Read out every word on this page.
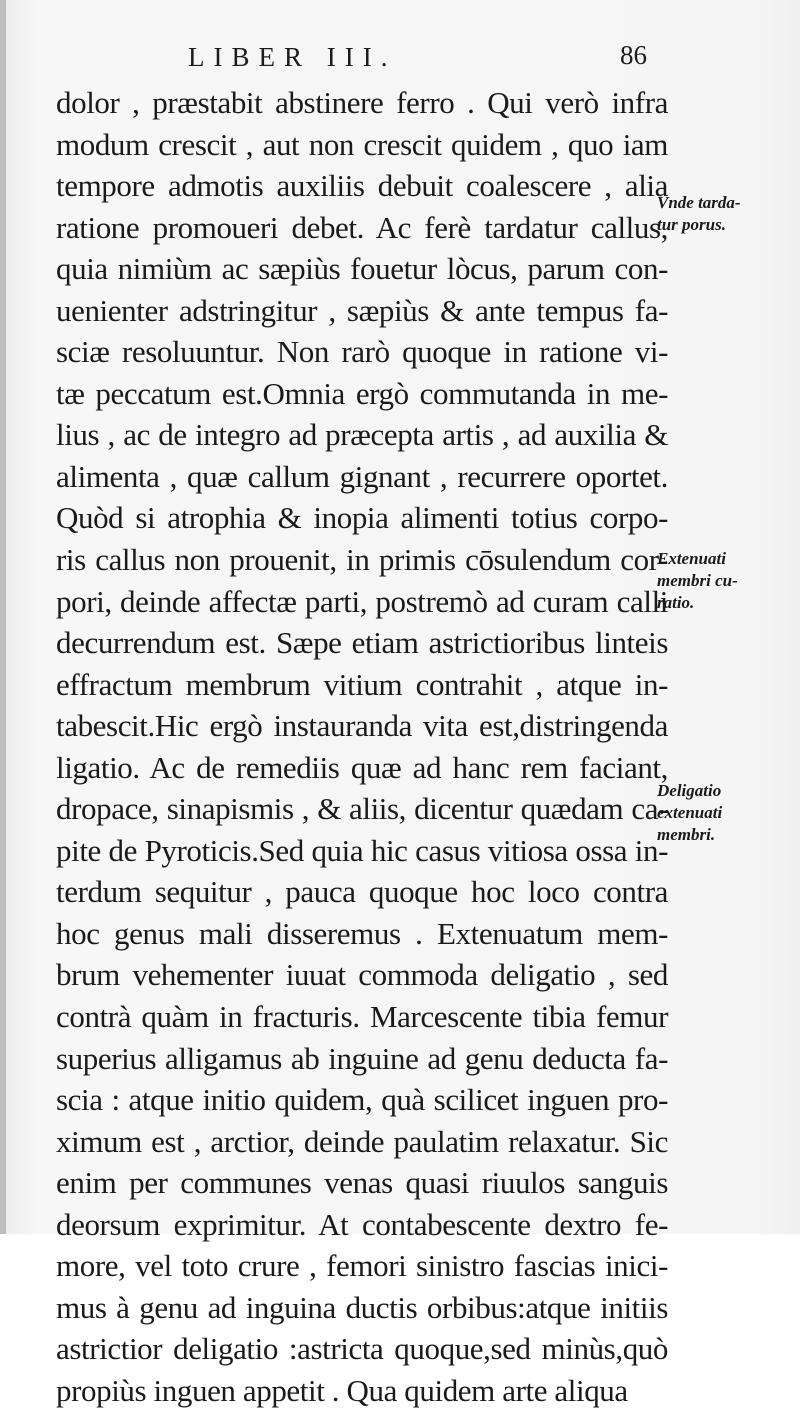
LIBER III.	86
dolor , præstabit abstinere ferro . Qui verò infra
modum crescit , aut non crescit quidem , quo iam
tempore admotis auxiliis debuit coalescere , alia
ratione promoueri debet. Ac ferè tardatur callus,
quia nimiùm ac sæpiùs fouetur lòcus, parum con-
uenienter adstringitur , sæpiùs & ante tempus fa-
sciæ resoluuntur. Non rarò quoque in ratione vi-
tæ peccatum est.Omnia ergò commutanda in me-
lius , ac de integro ad præcepta artis , ad auxilia &
alimenta , quæ callum gignant , recurrere oportet.
Quòd si atrophia & inopia alimenti totius corpo-
ris callus non prouenit, in primis cōsulendum cor-
pori, deinde affectæ parti, postremò ad curam calli
decurrendum est. Sæpe etiam astrictioribus linteis
effractum membrum vitium contrahit , atque in-
tabescit.Hic ergò instauranda vita est,distringenda
ligatio. Ac de remediis quæ ad hanc rem faciant,
dropace, sinapismis , & aliis, dicentur quædam ca-
pite de Pyroticis.Sed quia hic casus vitiosa ossa in-
terdum sequitur , pauca quoque hoc loco contra
hoc genus mali disseremus . Extenuatum mem-
brum vehementer iuuat commoda deligatio , sed
contrà quàm in fracturis. Marcescente tibia femur
superius alligamus ab inguine ad genu deducta fa-
scia : atque initio quidem, quà scilicet inguen pro-
ximum est , arctior, deinde paulatim relaxatur. Sic
enim per communes venas quasi riuulos sanguis
deorsum exprimitur. At contabescente dextro fe-
more, vel toto crure , femori sinistro fascias inici-
mus à genu ad inguina ductis orbibus:atque initiis
astrictior deligatio :astricta quoque,sed minùs,quò
propiùs inguen appetit . Qua quidem arte aliqua
Vnde tarda-
tur porus.
Extenuati
membri cu-
ratio.
Deligatio
extenuati
membri.
